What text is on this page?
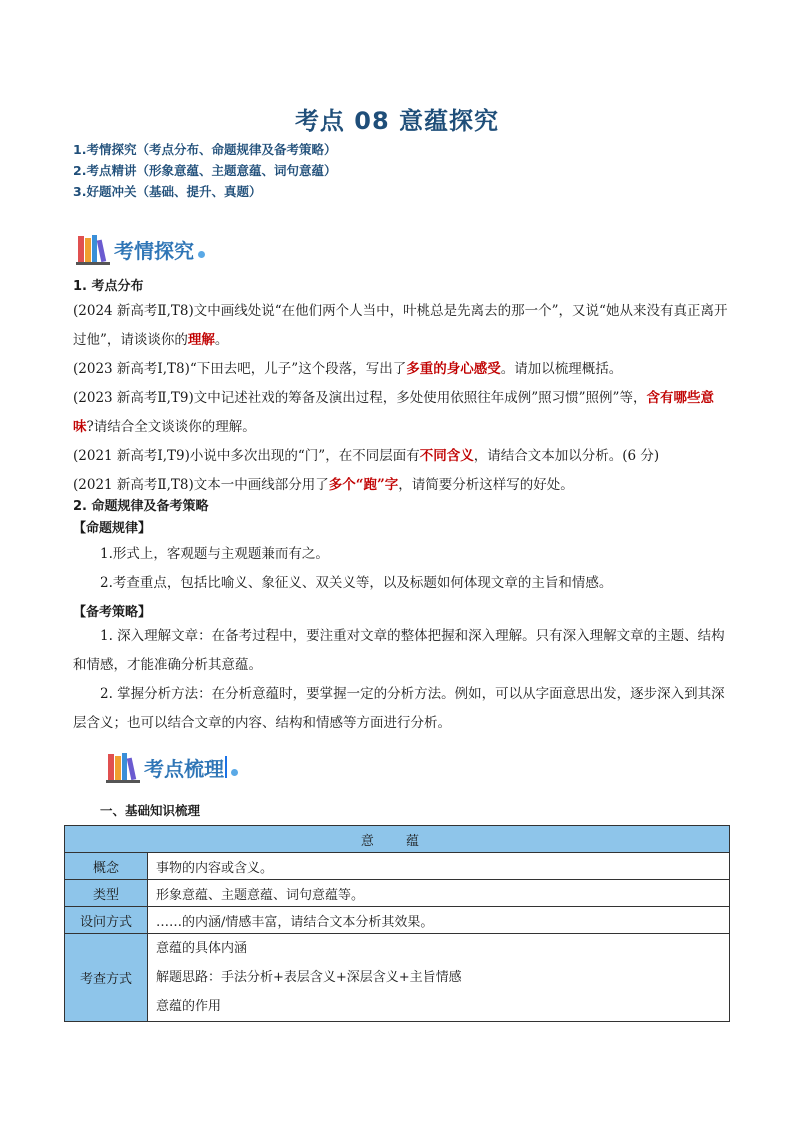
考点 08 意蕴探究
1.考情探究（考点分布、命题规律及备考策略）
2.考点精讲（形象意蕴、主题意蕴、词句意蕴）
3.好题冲关（基础、提升、真题）
考情探究
1. 考点分布

(2024 新高考Ⅱ,T8)文中画线处说“在他们两个人当中，叶桃总是先离去的那一个”，又说“她从来没有真正离开过他”，请谈谈你的理解。

(2023 新高考Ⅰ,T8)“下田去吧，儿子”这个段落，写出了多重的身心感受。请加以梳理概括。

(2023 新高考Ⅱ,T9)文中记述社戏的筹备及演出过程，多处使用依照往年成例”照习惯”照例”等，含有哪些意味?请结合全文谈谈你的理解。

(2021 新高考Ⅰ,T9)小说中多次出现的“门”，在不同层面有不同含义，请结合文本加以分析。(6 分)

(2021 新高考Ⅱ,T8)文本一中画线部分用了多个“跑”字，请简要分析这样写的好处。

2. 命题规律及备考策略
【命题规律】
1.形式上，客观题与主观题兼而有之。
2.考查重点，包括比喻义、象征义、双关义等，以及标题如何体现文章的主旨和情感。
【备考策略】
1. 深入理解文章：在备考过程中，要注重对文章的整体把握和深入理解。只有深入理解文章的主题、结构和情感，才能准确分析其意蕴。
2. 掌握分析方法：在分析意蕴时，要掌握一定的分析方法。例如，可以从字面意思出发，逐步深入到其深层含义；也可以结合文章的内容、结构和情感等方面进行分析。
考点梳理
一、基础知识梳理
意 蕴	
概念	事物的内容或含义。
类型	形象意蕴、主题意蕴、词句意蕴等。
设问方式	……的内涵/情感丰富，请结合文本分析其效果。
考查方式	意蕴的具体内涵
解题思路：手法分析+表层含义+深层含义+主旨情感
意蕴的作用
